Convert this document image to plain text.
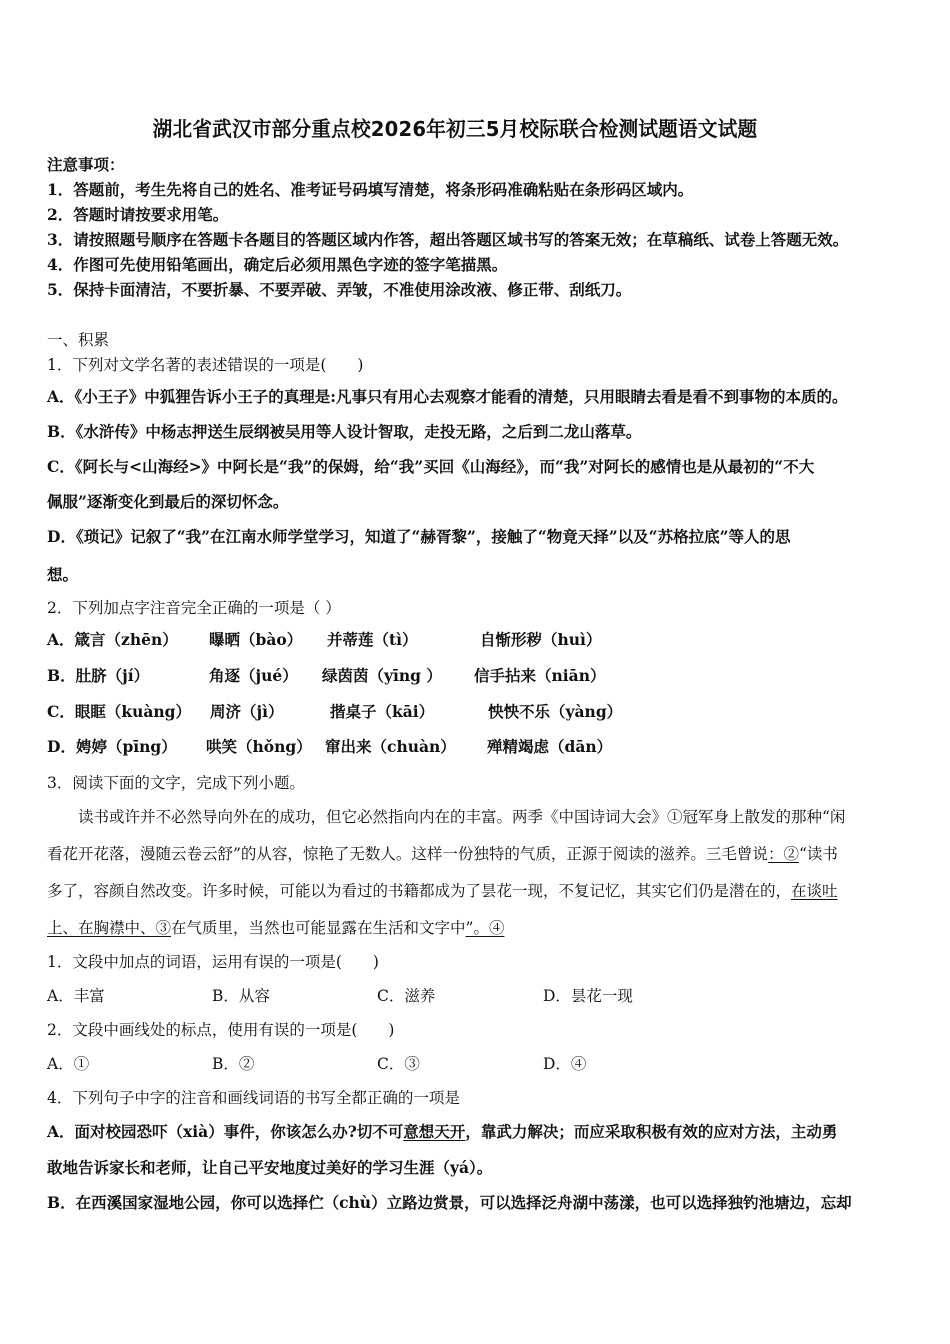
湖北省武汉市部分重点校2026年初三5月校际联合检测试题语文试题
注意事项：
1．答题前，考生先将自己的姓名、准考证号码填写清楚，将条形码准确粘贴在条形码区域内。
2．答题时请按要求用笔。
3．请按照题号顺序在答题卡各题目的答题区域内作答，超出答题区域书写的答案无效；在草稿纸、试卷上答题无效。
4．作图可先使用铅笔画出，确定后必须用黑色字迹的签字笔描黑。
5．保持卡面清洁，不要折暴、不要弄破、弄皱，不准使用涂改液、修正带、刮纸刀。
一、积累
1．下列对文学名著的表述错误的一项是(　　)
A．《小王子》中狐狸告诉小王子的真理是:凡事只有用心去观察才能看的清楚，只用眼睛去看是看不到事物的本质的。
B．《水浒传》中杨志押送生辰纲被吴用等人设计智取，走投无路，之后到二龙山落草。
C．《阿长与<山海经>》中阿长是“我”的保姆，给“我”买回《山海经》，而“我”对阿长的感情也是从最初的“不大
佩服”逐渐变化到最后的深切怀念。
D．《琐记》记叙了“我”在江南水师学堂学习，知道了“赫胥黎”，接触了“物竟天择”以及“苏格拉底”等人的思
想。
2．下列加点字注音完全正确的一项是（ ）
A．箴言（zhēn）	曝晒（bào）	并蒂莲（tì）	自惭形秽（huì）
B．肚脐（jí）	角逐（jué）	绿茵茵（yīng ）	信手拈来（niān）
C．眼眶（kuàng）	周济（jì）	揩桌子（kāi）	怏怏不乐（yàng）
D．娉婷（pīng）	哄笑（hǒng） 窜出来（chuàn）	殚精竭虑（dān）
3．阅读下面的文字，完成下列小题。
读书或许并不必然导向外在的成功，但它必然指向内在的丰富。两季《中国诗词大会》①冠军身上散发的那种“闲
看花开花落，漫随云卷云舒”的从容，惊艳了无数人。这样一份独特的气质，正源于阅读的滋养。三毛曾说：②“读书
多了，容颜自然改变。许多时候，可能以为看过的书籍都成为了昙花一现，不复记忆，其实它们仍是潜在的，在谈吐
上、在胸襟中、③在气质里，当然也可能显露在生活和文字中”。④
1．文段中加点的词语，运用有误的一项是(　　)
A．丰富	B．从容	C．滋养	D．昙花一现
2．文段中画线处的标点，使用有误的一项是(　　)
A．①	B．②	C．③	D．④
4．下列句子中字的注音和画线词语的书写全都正确的一项是
A．面对校园恐吓（xià）事件，你该怎么办?切不可意想天开，靠武力解决；而应采取积极有效的应对方法，主动勇
敢地告诉家长和老师，让自己平安地度过美好的学习生涯（yá）。
B．在西溪国家湿地公园，你可以选择伫（chù）立路边赏景，可以选择泛舟湖中荡漾，也可以选择独钓池塘边，忘却
